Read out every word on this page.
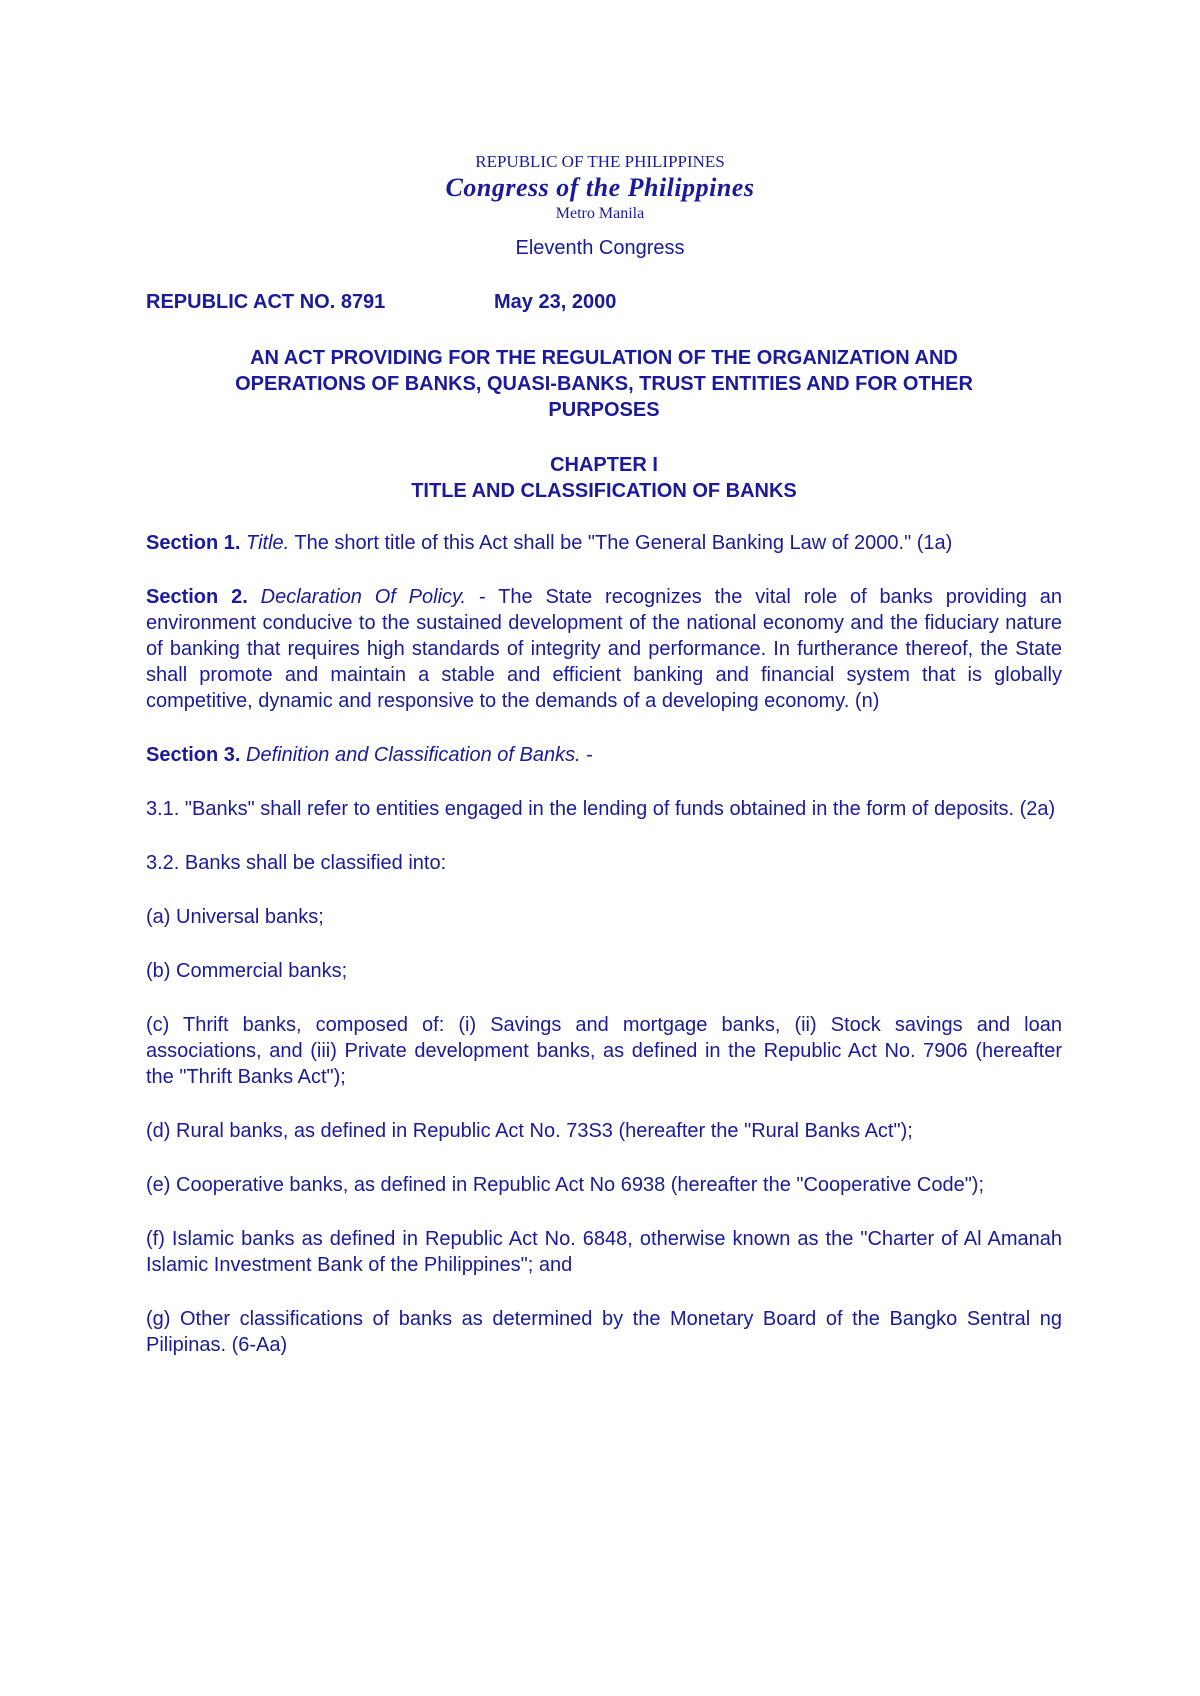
REPUBLIC OF THE PHILIPPINES
Congress of the Philippines
Metro Manila
Eleventh Congress
REPUBLIC ACT NO. 8791	May 23, 2000
AN ACT PROVIDING FOR THE REGULATION OF THE ORGANIZATION AND
OPERATIONS OF BANKS, QUASI-BANKS, TRUST ENTITIES AND FOR OTHER
PURPOSES
CHAPTER I
TITLE AND CLASSIFICATION OF BANKS

Section 1. Title. The short title of this Act shall be "The General Banking Law of 2000." (1a)

Section 2. Declaration Of Policy. - The State recognizes the vital role of banks providing an environment conducive to the sustained development of the national economy and the fiduciary nature of banking that requires high standards of integrity and performance. In furtherance thereof, the State shall promote and maintain a stable and efficient banking and financial system that is globally competitive, dynamic and responsive to the demands of a developing economy. (n)

Section 3. Definition and Classification of Banks. -

3.1. "Banks" shall refer to entities engaged in the lending of funds obtained in the form of deposits. (2a)

3.2. Banks shall be classified into:

(a) Universal banks;

(b) Commercial banks;

(c) Thrift banks, composed of: (i) Savings and mortgage banks, (ii) Stock savings and loan associations, and (iii) Private development banks, as defined in the Republic Act No. 7906 (hereafter the "Thrift Banks Act");

(d) Rural banks, as defined in Republic Act No. 73S3 (hereafter the "Rural Banks Act");

(e) Cooperative banks, as defined in Republic Act No 6938 (hereafter the "Cooperative Code");

(f) Islamic banks as defined in Republic Act No. 6848, otherwise known as the "Charter of Al Amanah Islamic Investment Bank of the Philippines"; and

(g) Other classifications of banks as determined by the Monetary Board of the Bangko Sentral ng Pilipinas. (6-Aa)
